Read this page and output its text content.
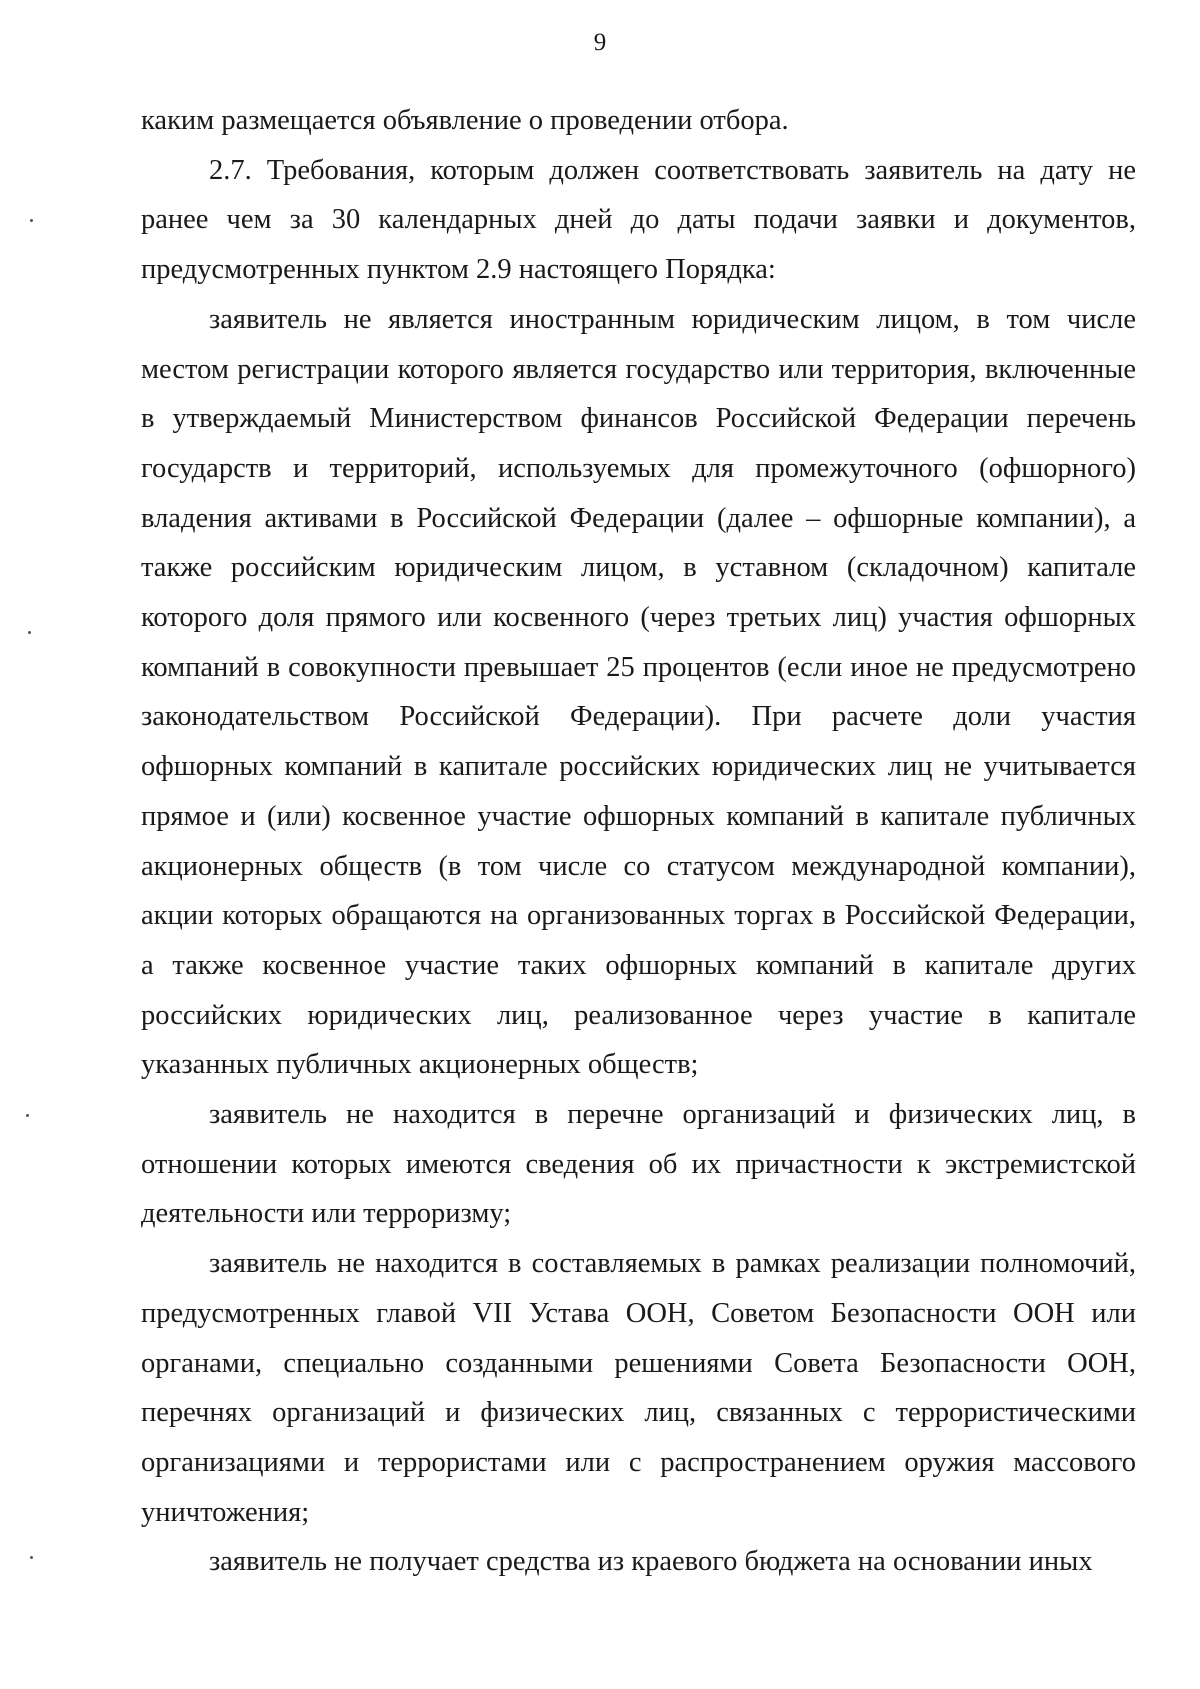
9

каким размещается объявление о проведении отбора.

2.7. Требования, которым должен соответствовать заявитель на дату не ранее чем за 30 календарных дней до даты подачи заявки и документов, предусмотренных пунктом 2.9 настоящего Порядка:

заявитель не является иностранным юридическим лицом, в том числе местом регистрации которого является государство или территория, включенные в утверждаемый Министерством финансов Российской Федерации перечень государств и территорий, используемых для промежуточного (офшорного) владения активами в Российской Федерации (далее – офшорные компании), а также российским юридическим лицом, в уставном (складочном) капитале которого доля прямого или косвенного (через третьих лиц) участия офшорных компаний в совокупности превышает 25 процентов (если иное не предусмотрено законодательством Российской Федерации). При расчете доли участия офшорных компаний в капитале российских юридических лиц не учитывается прямое и (или) косвенное участие офшорных компаний в капитале публичных акционерных обществ (в том числе со статусом международной компании), акции которых обращаются на организованных торгах в Российской Федерации, а также косвенное участие таких офшорных компаний в капитале других российских юридических лиц, реализованное через участие в капитале указанных публичных акционерных обществ;

заявитель не находится в перечне организаций и физических лиц, в отношении которых имеются сведения об их причастности к экстремистской деятельности или терроризму;

заявитель не находится в составляемых в рамках реализации полномочий, предусмотренных главой VII Устава ООН, Советом Безопасности ООН или органами, специально созданными решениями Совета Безопасности ООН, перечнях организаций и физических лиц, связанных с террористическими организациями и террористами или с распространением оружия массового уничтожения;

заявитель не получает средства из краевого бюджета на основании иных
